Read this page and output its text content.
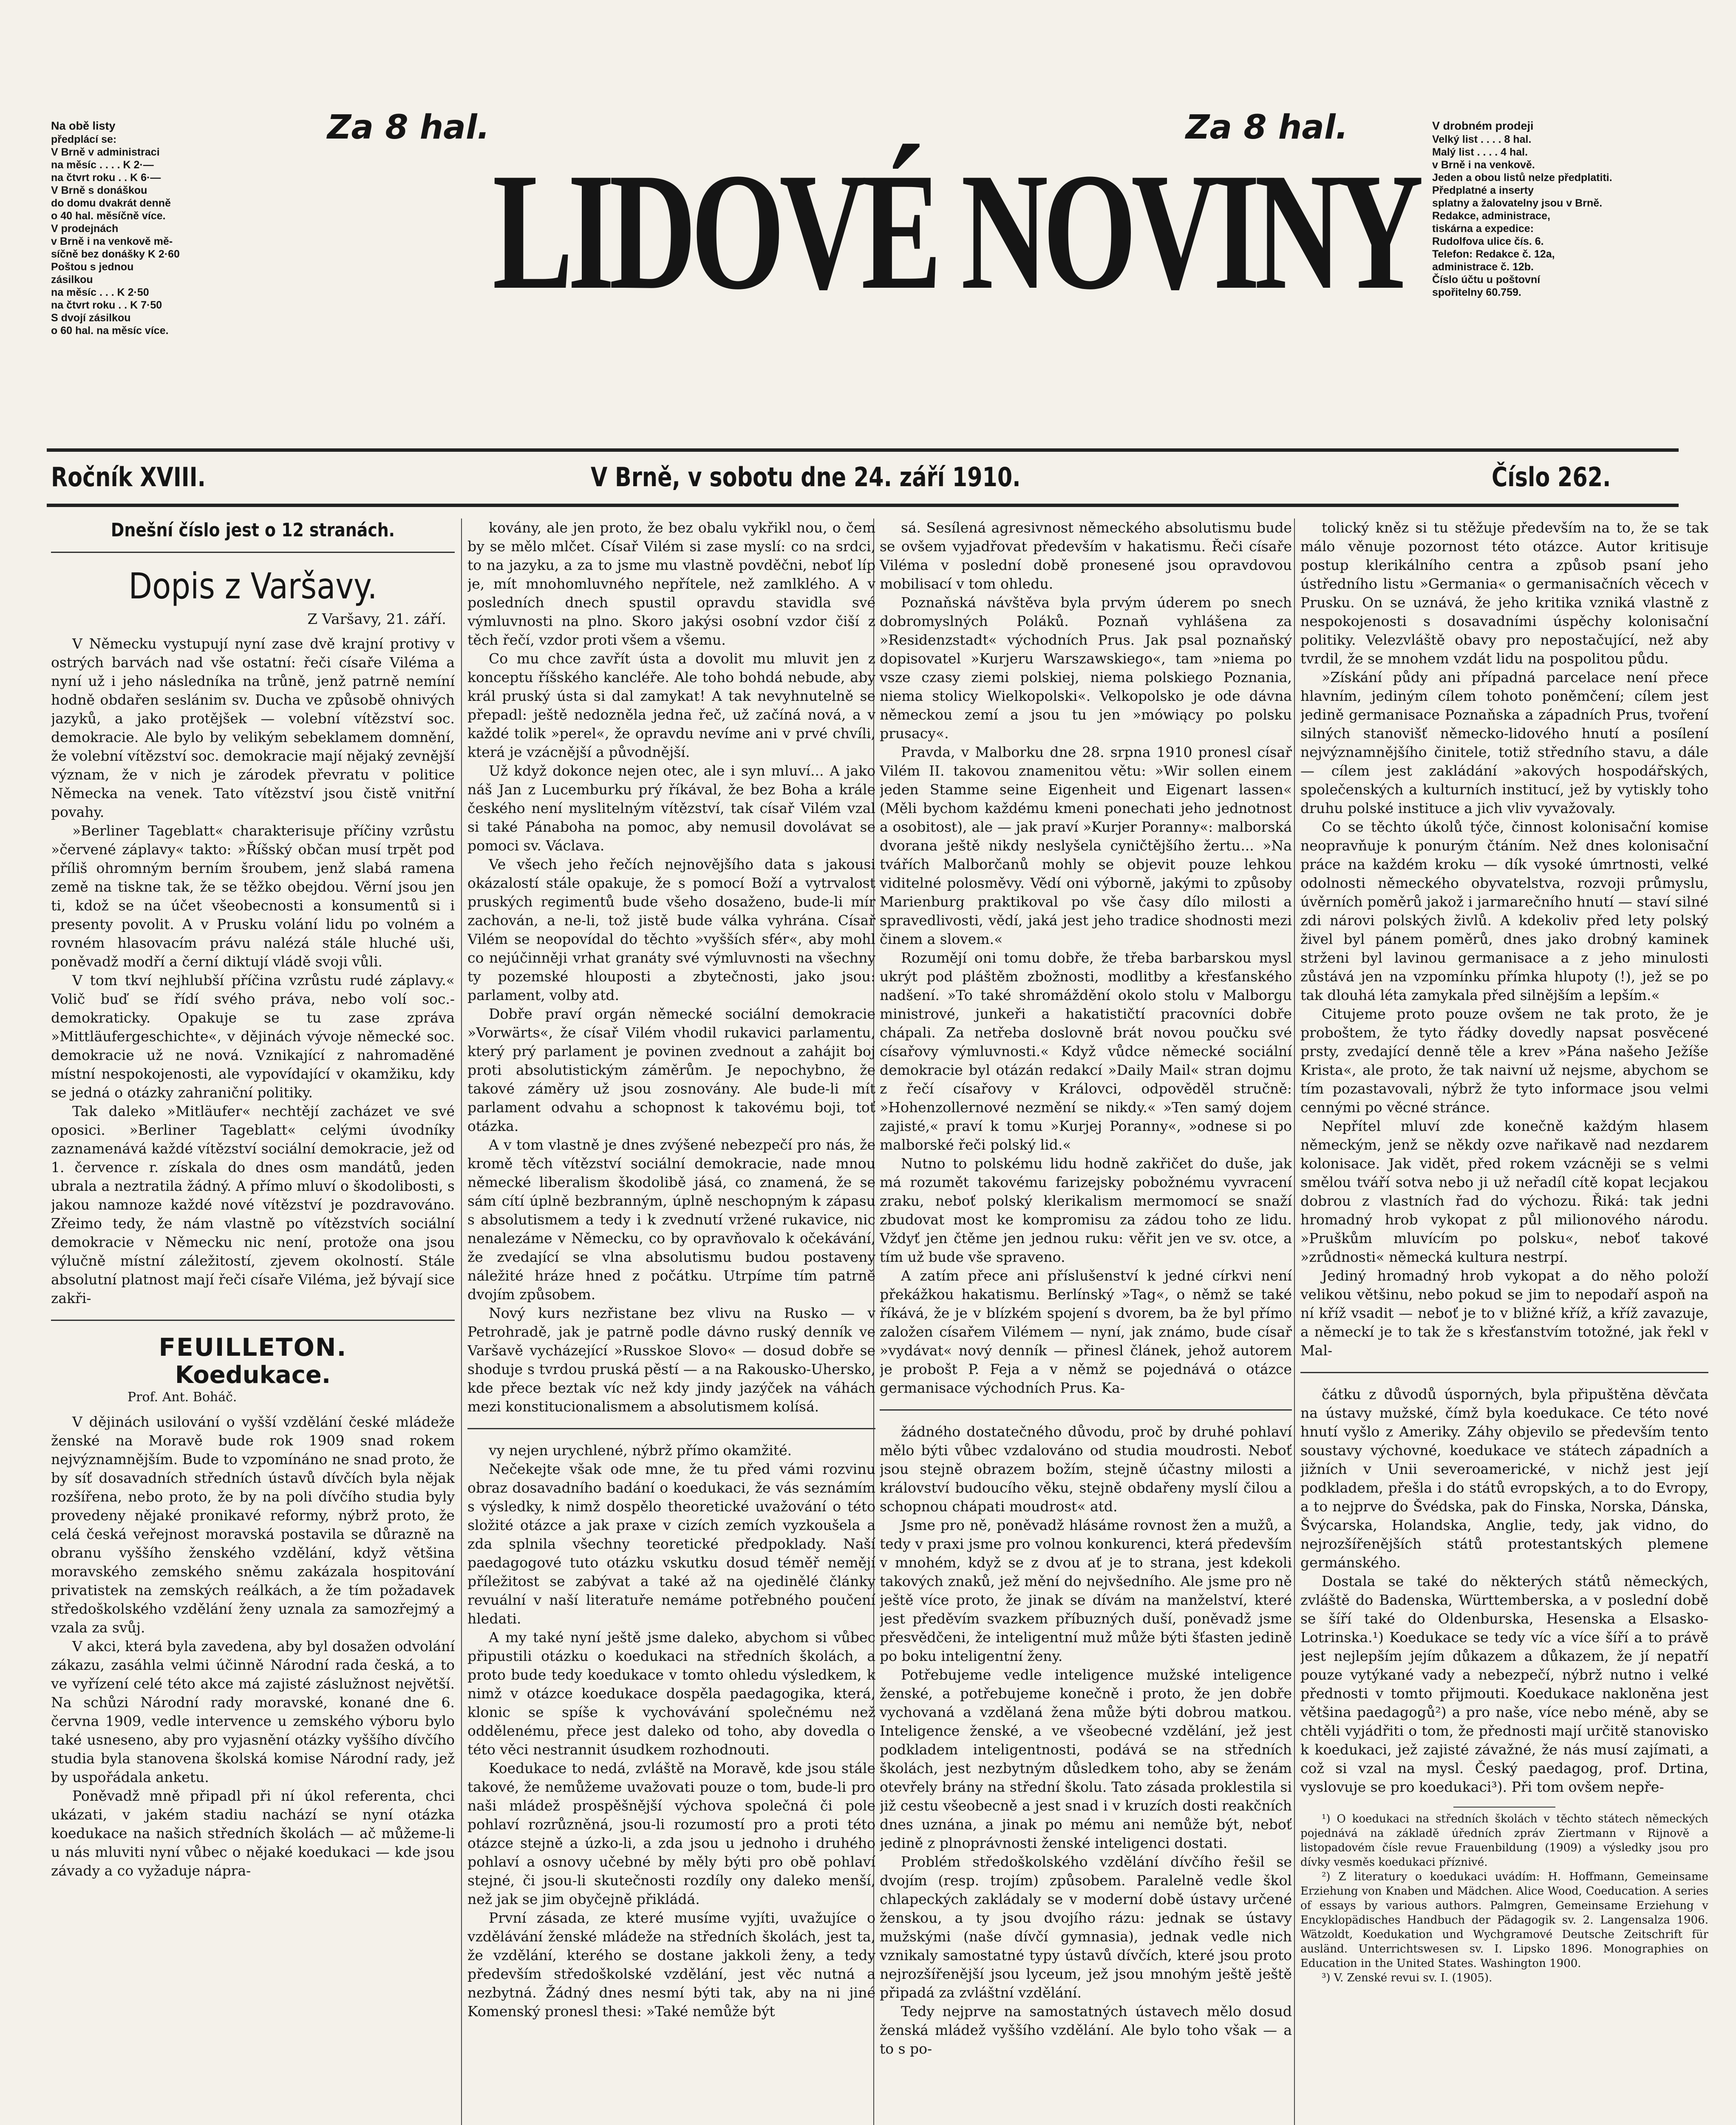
Na obě listy
předplácí se:
V Brně v administraci
na měsíc . . . . K 2·—
na čtvrt roku . . K 6·—
V Brně s donáškou
do domu dvakrát denně
o 40 hal. měsíčně více.
V prodejnách
v Brně i na venkově mě-
síčně bez donášky K 2·60
Poštou s jednou
zásilkou
na měsíc . . . K 2·50
na čtvrt roku . . K 7·50
S dvojí zásilkou
o 60 hal. na měsíc více.
Za 8 hal.	Za 8 hal.
LIDOVÉ NOVINY
V drobném prodeji
Velký list . . . . 8 hal.
Malý list . . . . 4 hal.
v Brně i na venkově.
Jeden a obou listů nelze předplatiti.
Předplatné a inserty
splatny a žalovatelny jsou v Brně.
Redakce, administrace,
tiskárna a expedice:
Rudolfova ulice čís. 6.
Telefon: Redakce č. 12a,
administrace č. 12b.
Číslo účtu u poštovní
spořitelny 60.759.
Ročník XVIII.	V Brně, v sobotu dne 24. září 1910.	Číslo 262.
Dnešní číslo jest o 12 stranách.
Dopis z Varšavy.
Z Varšavy, 21. září.

V Německu vystupují nyní zase dvě krajní protivy v ostrých barvách nad vše ostatní: řeči císaře Viléma a nyní už i jeho následníka na trůně, jenž patrně nemíní hodně obdařen seslánim sv. Ducha ve způsobě ohnivých jazyků, a jako protějšek — volební vítězství soc. demokracie. Ale bylo by velikým sebeklamem domnění, že volební vítězství soc. demokracie mají nějaký zevnější význam, že v nich je zárodek převratu v politice Německa na venek. Tato vítězství jsou čistě vnitřní povahy.

»Berliner Tageblatt« charakterisuje příčiny vzrůstu »červené záplavy« takto: »Říšský občan musí trpět pod příliš ohromným berním šroubem, jenž slabá ramena země na tiskne tak, že se těžko obejdou. Věrní jsou jen ti, kdož se na účet všeobecnosti a konsumentů si i presenty povolit. A v Prusku volání lidu po volném a rovném hlasovacím právu nalézá stále hluché uši, poněvadž modří a černí diktují vládě svoji vůli.

V tom tkví nejhlubší příčina vzrůstu rudé záplavy.« Volič buď se řídí svého práva, nebo volí soc.-demokraticky. Opakuje se tu zase zpráva »Mittläufergeschichte«, v dějinách vývoje německé soc. demokracie už ne nová. Vznikající z nahromaděné místní nespokojenosti, ale vypovídající v okamžiku, kdy se jedná o otázky zahraniční politiky.

Tak daleko »Mitläufer« nechtějí zacházet ve své oposici. »Berliner Tageblatt« celými úvodníky zaznamenává každé vítězství sociální demokracie, jež od 1. července r. získala do dnes osm mandátů, jeden ubrala a neztratila žádný. A přímo mluví o škodolibosti, s jakou namnoze každé nové vítězství je pozdravováno. Zřeimo tedy, že nám vlastně po vítězstvích sociální demokracie v Německu nic není, protože ona jsou výlučně místní záležitostí, zjevem okolností. Stále absolutní platnost mají řeči císaře Viléma, jež bývají sice zakři-

FEUILLETON.
Koedukace.
Prof. Ant. Boháč.

V dějinách usilování o vyšší vzdělání české mládeže ženské na Moravě bude rok 1909 snad rokem nejvýznamnějším. Bude to vzpomínáno ne snad proto, že by síť dosavadních středních ústavů dívčích byla nějak rozšířena, nebo proto, že by na poli dívčího studia byly provedeny nějaké pronikavé reformy, nýbrž proto, že celá česká veřejnost moravská postavila se důrazně na obranu vyššího ženského vzdělání, když většina moravského zemského sněmu zakázala hospitování privatistek na zemských reálkách, a že tím požadavek středoškolského vzdělání ženy uznala za samozřejmý a vzala za svůj.

V akci, která byla zavedena, aby byl dosažen odvolání zákazu, zasáhla velmi účinně Národní rada česká, a to ve vyřízení celé této akce má zajisté záslužnost největší. Na schůzi Národní rady moravské, konané dne 6. června 1909, vedle intervence u zemského výboru bylo také usneseno, aby pro vyjasnění otázky vyššího dívčího studia byla stanovena školská komise Národní rady, jež by uspořádala anketu.

Poněvadž mně připadl při ní úkol referenta, chci ukázati, v jakém stadiu nachází se nyní otázka koedukace na našich středních školách — ač můžeme-li u nás mluviti nyní vůbec o nějaké koedukaci — kde jsou závady a co vyžaduje nápra-

kovány, ale jen proto, že bez obalu vykřikl nou, o čem by se mělo mlčet. Císař Vilém si zase myslí: co na srdci, to na jazyku, a za to jsme mu vlastně povděčni, neboť líp je, mít mnohomluvného nepřítele, než zamlklého. A v posledních dnech spustil opravdu stavidla své výmluvnosti na plno. Skoro jakýsi osobní vzdor čiší z těch řečí, vzdor proti všem a všemu.

Co mu chce zavřít ústa a dovolit mu mluvit jen z konceptu říšského kancléře. Ale toho bohdá nebude, aby král pruský ústa si dal zamykat! A tak nevyhnutelně se přepadl: ještě nedozněla jedna řeč, už začíná nová, a v každé tolik »perel«, že opravdu nevíme ani v prvé chvíli, která je vzácnější a původnější.

Už když dokonce nejen otec, ale i syn mluví... A jako náš Jan z Lucemburku prý říkával, že bez Boha a krále českého není myslitelným vítězství, tak císař Vilém vzal si také Pánaboha na pomoc, aby nemusil dovolávat se pomoci sv. Václava.

Ve všech jeho řečích nejnovějšího data s jakousi okázalostí stále opakuje, že s pomocí Boží a vytrvalost pruských regimentů bude všeho dosaženo, bude-li mír zachován, a ne-li, tož jistě bude válka vyhrána. Císař Vilém se neopovídal do těchto »vyšších sfér«, aby mohl co nejúčinněji vrhat granáty své výmluvnosti na všechny ty pozemské hlouposti a zbytečnosti, jako jsou: parlament, volby atd.

Dobře praví orgán německé sociální demokracie »Vorwärts«, že císař Vilém vhodil rukavici parlamentu, který prý parlament je povinen zvednout a zahájit boj proti absolutistickým záměrům. Je nepochybno, že takové záměry už jsou zosnovány. Ale bude-li mít parlament odvahu a schopnost k takovému boji, toť otázka.

A v tom vlastně je dnes zvýšené nebezpečí pro nás, že kromě těch vítězství sociální demokracie, nade mnou německé liberalism škodolibě jásá, co znamená, že se sám cítí úplně bezbranným, úplně neschopným k zápasu s absolutismem a tedy i k zvednutí vržené rukavice, nic nenalezáme v Německu, co by opravňovalo k očekávání, že zvedající se vlna absolutismu budou postaveny náležité hráze hned z počátku. Utrpíme tím patrně dvojím způsobem.

Nový kurs nezřistane bez vlivu na Rusko — v Petrohradě, jak je patrně podle dávno ruský denník ve Varšavě vycházející »Russkoe Slovo« — dosud dobře se shoduje s tvrdou pruská pěstí — a na Rakousko-Uhersko, kde přece beztak víc než kdy jindy jazýček na váhách mezi konstitucionalismem a absolutismem kolísá.

vy nejen urychlené, nýbrž přímo okamžité.

Nečekejte však ode mne, že tu před vámi rozvinu obraz dosavadního badání o koedukaci, že vás seznámím s výsledky, k nimž dospělo theoretické uvažování o této složité otázce a jak praxe v cizích zemích vyzkoušela a zda splnila všechny teoretické předpoklady. Naší paedagogové tuto otázku vskutku dosud téměř nemějí příležitost se zabývat a také až na ojedinělé články revuální v naší literatuře nemáme potřebného poučení hledati.

A my také nyní ještě jsme daleko, abychom si vůbec připustili otázku o koedukaci na středních školách, a proto bude tedy koedukace v tomto ohledu výsledkem, k nimž v otázce koedukace dospěla paedagogika, která, klonic se spíše k vychovávání společnému než oddělenému, přece jest daleko od toho, aby dovedla o této věci nestrannit úsudkem rozhodnouti.

Koedukace to nedá, zvláště na Moravě, kde jsou stále takové, že nemůžeme uvažovati pouze o tom, bude-li pro naši mládež prospěšnější výchova společná či pole pohlaví rozrůzněná, jsou-li rozumostí pro a proti této otázce stejně a úzko-li, a zda jsou u jednoho i druhého pohlaví a osnovy učebné by měly býti pro obě pohlaví stejné, či jsou-li skutečnosti rozdíly ony daleko menší, než jak se jim obyčejně přikládá.

První zásada, ze které musíme vyjíti, uvažujíce o vzdělávání ženské mládeže na středních školách, jest ta, že vzdělání, kterého se dostane jakkoli ženy, a tedy především středoškolské vzdělání, jest věc nutná a nezbytná. Žádný dnes nesmí býti tak, aby na ni jiné Komenský pronesl thesi: »Také nemůže být

sá. Sesílená agresivnost německého absolutismu bude se ovšem vyjadřovat především v hakatismu. Řeči císaře Viléma v poslední době pronesené jsou opravdovou mobilisací v tom ohledu.

Poznaňská návštěva byla prvým úderem po snech dobromyslných Poláků. Poznaň vyhlášena za »Residenzstadt« východních Prus. Jak psal poznaňský dopisovatel »Kurjeru Warszawskiego«, tam »niema po vsze czasy ziemi polskiej, niema polskiego Poznania, niema stolicy Wielkopolski«. Velkopolsko je ode dávna německou zemí a jsou tu jen »mówiący po polsku prusacy«.

Pravda, v Malborku dne 28. srpna 1910 pronesl císař Vilém II. takovou znamenitou větu: »Wir sollen einem jeden Stamme seine Eigenheit und Eigenart lassen« (Měli bychom každému kmeni ponechati jeho jednotnost a osobitost), ale — jak praví »Kurjer Poranny«: malborská dvorana ještě nikdy neslyšela cyničtějšího žertu... »Na tvářích Malborčanů mohly se objevit pouze lehkou viditelné polosměvy. Vědí oni výborně, jakými to způsoby Marienburg praktikoval po vše časy dílo milosti a spravedlivosti, vědí, jaká jest jeho tradice shodnosti mezi činem a slovem.«

Rozumějí oni tomu dobře, že třeba barbarskou mysl ukrýt pod pláštěm zbožnosti, modlitby a křesťanského nadšení. »To také shromáždění okolo stolu v Malborgu ministrové, junkeři a hakatističtí pracovníci dobře chápali. Za netřeba doslovně brát novou poučku své císařovy výmluvnosti.« Když vůdce německé sociální demokracie byl otázán redakcí »Daily Mail« stran dojmu z řečí císařovy v Královci, odpověděl stručně: »Hohenzollernové nezmění se nikdy.« »Ten samý dojem zajisté,« praví k tomu »Kurjej Poranny«, »odnese si po malborské řeči polský lid.«

Nutno to polskému lidu hodně zakřičet do duše, jak má rozumět takovému farizejsky pobožnému vyvracení zraku, neboť polský klerikalism mermomocí se snaží zbudovat most ke kompromisu za zádou toho ze lidu. Vždyť jen čtěme jen jednou ruku: věřit jen ve sv. otce, a tím už bude vše spraveno.

A zatím přece ani příslušenství k jedné církvi není překážkou hakatismu. Berlínský »Tag«, o němž se také říkává, že je v blízkém spojení s dvorem, ba že byl přímo založen císařem Vilémem — nyní, jak známo, bude císař »vydávat« nový denník — přinesl článek, jehož autorem je probošt P. Feja a v němž se pojednává o otázce germanisace východních Prus. Ka-

žádného dostatečného důvodu, proč by druhé pohlaví mělo býti vůbec vzdalováno od studia moudrosti. Neboť jsou stejně obrazem božím, stejně účastny milosti a království budoucího věku, stejně obdařeny myslí čilou a schopnou chápati moudrost« atd.

Jsme pro ně, poněvadž hlásáme rovnost žen a mužů, a tedy v praxi jsme pro volnou konkurenci, která především v mnohém, když se z dvou ať je to strana, jest kdekoli takových znaků, jež mění do nejvšedního. Ale jsme pro ně ještě více proto, že jinak se dívám na manželství, které jest předěvím svazkem příbuzných duší, poněvadž jsme přesvědčeni, že inteligentní muž může býti šťasten jedině po boku inteligentní ženy.

Potřebujeme vedle inteligence mužské inteligence ženské, a potřebujeme konečně i proto, že jen dobře vychovaná a vzdělaná žena může býti dobrou matkou. Inteligence ženské, a ve všeobecné vzdělání, jež jest podkladem inteligentnosti, podává se na středních školách, jest nezbytným důsledkem toho, aby se ženám otevřely brány na střední školu. Tato zásada proklestila si již cestu všeobecně a jest snad i v kruzích dosti reakčních dnes uznána, a jinak po mému ani nemůže být, neboť jedině z plnoprávnosti ženské inteligenci dostati.

Problém středoškolského vzdělání dívčího řešil se dvojím (resp. trojím) způsobem. Paralelně vedle škol chlapeckých zakládaly se v moderní době ústavy určené ženskou, a ty jsou dvojího rázu: jednak se ústavy mužskými (naše dívčí gymnasia), jednak vedle nich vznikaly samostatné typy ústavů dívčích, které jsou proto nejrozšířenější jsou lyceum, jež jsou mnohým ještě ještě připadá za zvláštní vzdělání.

Tedy nejprve na samostatných ústavech mělo dosud ženská mládež vyššího vzdělání. Ale bylo toho však — a to s po-

tolický kněz si tu stěžuje především na to, že se tak málo věnuje pozornost této otázce. Autor kritisuje postup klerikálního centra a způsob psaní jeho ústředního listu »Germania« o germanisačních věcech v Prusku. On se uznává, že jeho kritika vzniká vlastně z nespokojenosti s dosavadními úspěchy kolonisační politiky. Velezvláště obavy pro nepostačující, než aby tvrdil, že se mnohem vzdát lidu na pospolitou půdu.

»Získání půdy ani případná parcelace není přece hlavním, jediným cílem tohoto poněmčení; cílem jest jedině germanisace Poznaňska a západních Prus, tvoření silných stanovišť německo-lidového hnutí a posílení nejvýznamnějšího činitele, totiž středního stavu, a dále — cílem jest zakládání »akových hospodářských, společenských a kulturních institucí, jež by vytiskly toho druhu polské instituce a jich vliv vyvažovaly.

Co se těchto úkolů týče, činnost kolonisační komise neopravňuje k ponurým čtáním. Než dnes kolonisační práce na každém kroku — dík vysoké úmrtnosti, velké odolnosti německého obyvatelstva, rozvoji průmyslu, úvěrních poměrů jakož i jarmarečního hnutí — staví silné zdi nárovi polských živlů. A kdekoliv před lety polský živel byl pánem poměrů, dnes jako drobný kaminek strženi byl lavinou germanisace a z jeho minulosti zůstává jen na vzpomínku přímka hlupoty (!), jež se po tak dlouhá léta zamykala před silnějším a lepším.«

Citujeme proto pouze ovšem ne tak proto, že je proboštem, že tyto řádky dovedly napsat posvěcené prsty, zvedající denně těle a krev »Pána našeho Ježíše Krista«, ale proto, že tak naivní už nejsme, abychom se tím pozastavovali, nýbrž že tyto informace jsou velmi cennými po věcné stránce.

Nepřítel mluví zde konečně každým hlasem německým, jenž se někdy ozve nařikavě nad nezdarem kolonisace. Jak vidět, před rokem vzácněji se s velmi smělou tváří sotva nebo ji už neřadíl cítě kopat lecjakou dobrou z vlastních řad do výchozu. Řiká: tak jedni hromadný hrob vykopat z půl milionového národu. »Pruškům mluvícím po polsku«, neboť takové »zrůdnosti« německá kultura nestrpí.

Jediný hromadný hrob vykopat a do něho položí velikou většinu, nebo pokud se jim to nepodaří aspoň na ní kříž vsadit — neboť je to v bližné kříž, a kříž zavazuje, a německí je to tak že s křesťanstvím totožné, jak řekl v Mal-

čátku z důvodů úsporných, byla připuštěna děvčata na ústavy mužské, čímž byla koedukace. Ce této nové hnutí vyšlo z Ameriky. Záhy objevilo se především tento soustavy výchovné, koedukace ve státech západních a jižních v Unii severoamerické, v nichž jest její podkladem, přešla i do států evropských, a to do Evropy, a to nejprve do Švédska, pak do Finska, Norska, Dánska, Švýcarska, Holandska, Anglie, tedy, jak vidno, do nejrozšířenějších států protestantských plemene germánského.

Dostala se také do některých států německých, zvláště do Badenska, Württemberska, a v poslední době se šíří také do Oldenburska, Hesenska a Elsasko-Lotrinska.¹) Koedukace se tedy víc a více šíří a to právě jest nejlepším jejím důkazem a důkazem, že jí nepatří pouze vytýkané vady a nebezpečí, nýbrž nutno i velké přednosti v tomto přijmouti. Koedukace nakloněna jest většina paedagogů²) a pro naše, více nebo méně, aby se chtěli vyjádřiti o tom, že přednosti mají určitě stanovisko k koedukaci, jež zajisté závažné, že nás musí zajímati, a což si vzal na mysl. Český paedagog, prof. Drtina, vyslovuje se pro koedukaci³). Při tom ovšem nepře-

¹) O koedukaci na středních školách v těchto státech německých pojednává na základě úředních zpráv Ziertmann v Rijnově a listopadovém čísle revue Frauenbildung (1909) a výsledky jsou pro dívky vesměs koedukaci příznivé.

²) Z literatury o koedukaci uvádím: H. Hoffmann, Gemeinsame Erziehung von Knaben und Mädchen. Alice Wood, Coeducation. A series of essays by various authors. Palmgren, Gemeinsame Erziehung v Encyklopädisches Handbuch der Pädagogik sv. 2. Langensalza 1906. Wätzoldt, Koedukation und Wychgramové Deutsche Zeitschrift für ausländ. Unterrichtswesen sv. I. Lipsko 1896. Monographies on Education in the United States. Washington 1900.

³) V. Zenské revui sv. I. (1905).
